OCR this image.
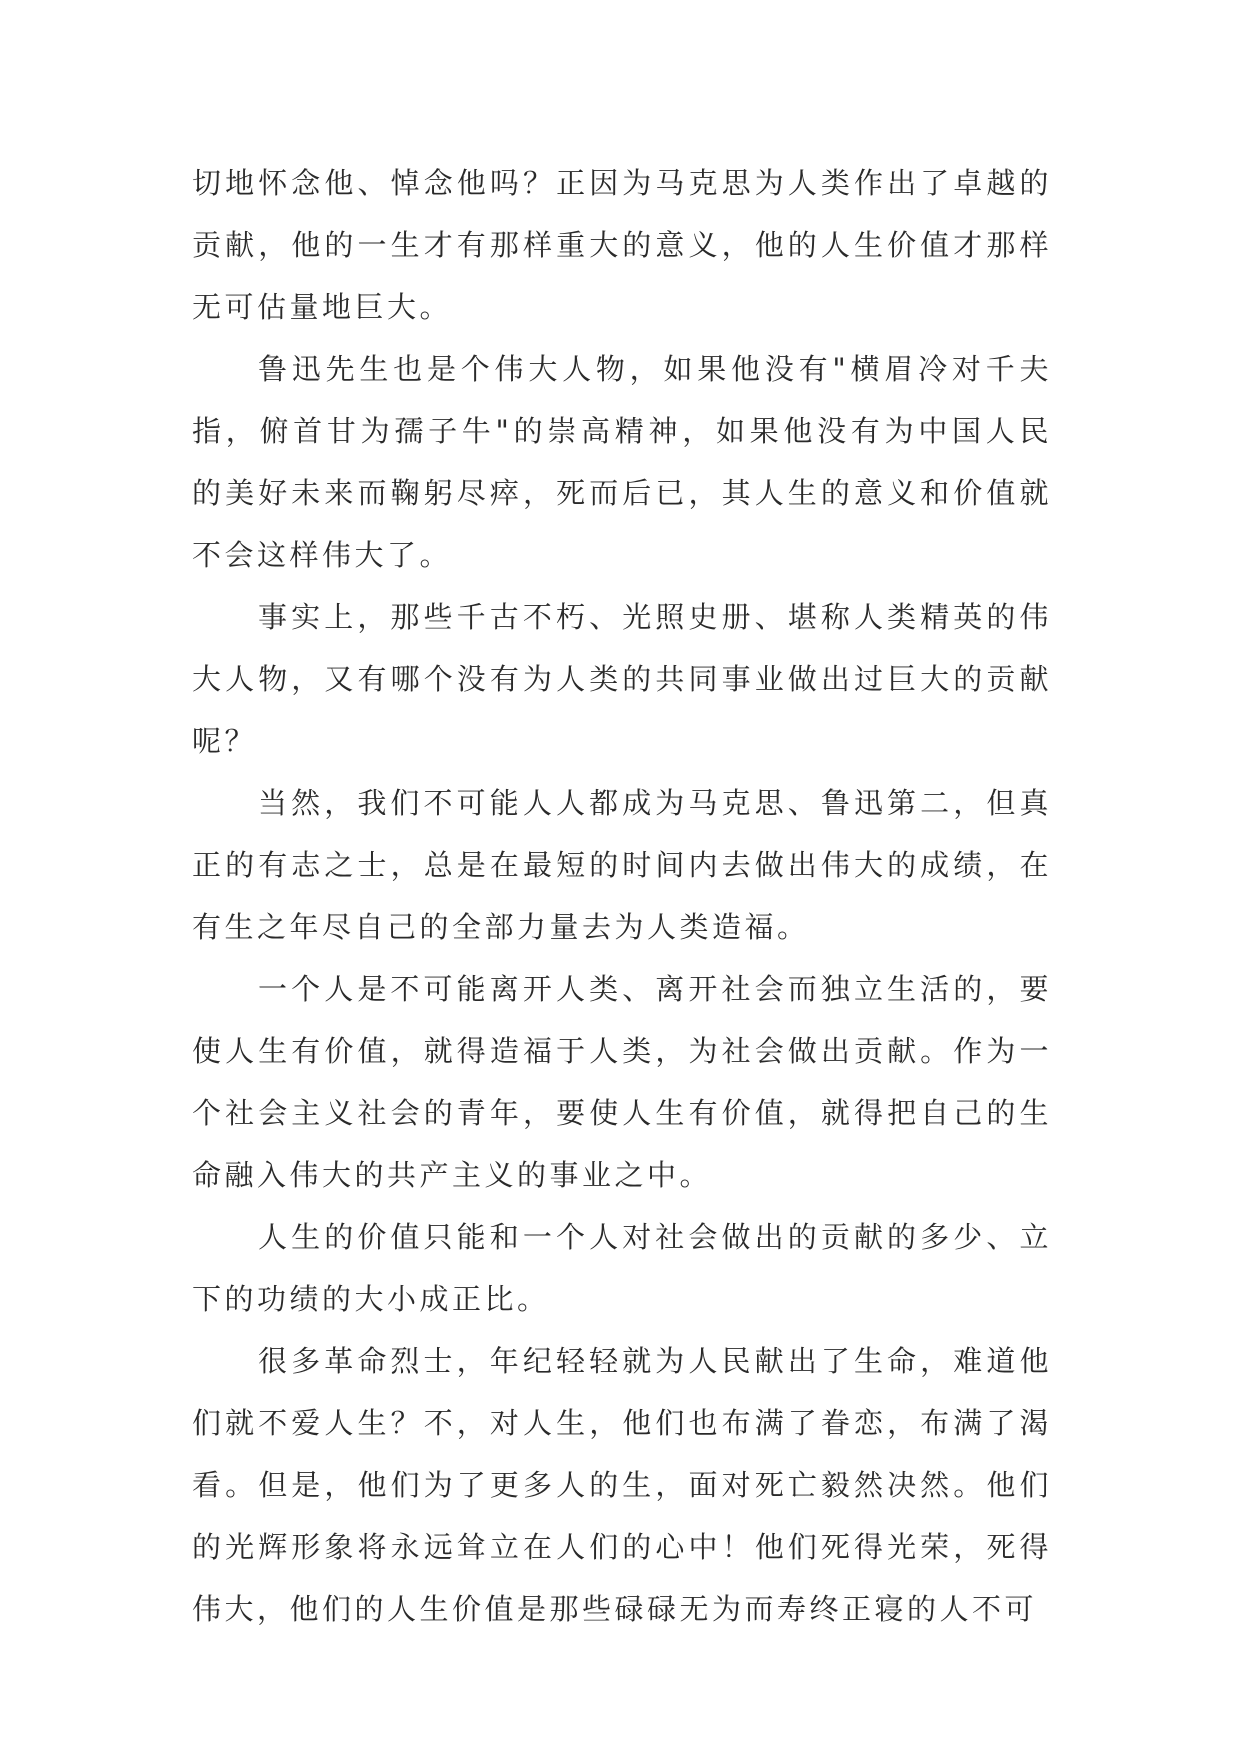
切地怀念他、悼念他吗？正因为马克思为人类作出了卓越的贡献，他的一生才有那样重大的意义，他的人生价值才那样无可估量地巨大。

鲁迅先生也是个伟大人物，如果他没有"横眉冷对千夫指，俯首甘为孺子牛"的崇高精神，如果他没有为中国人民的美好未来而鞠躬尽瘁，死而后已，其人生的意义和价值就不会这样伟大了。

事实上，那些千古不朽、光照史册、堪称人类精英的伟大人物，又有哪个没有为人类的共同事业做出过巨大的贡献呢？

当然，我们不可能人人都成为马克思、鲁迅第二，但真正的有志之士，总是在最短的时间内去做出伟大的成绩，在有生之年尽自己的全部力量去为人类造福。

一个人是不可能离开人类、离开社会而独立生活的，要使人生有价值，就得造福于人类，为社会做出贡献。作为一个社会主义社会的青年，要使人生有价值，就得把自己的生命融入伟大的共产主义的事业之中。

人生的价值只能和一个人对社会做出的贡献的多少、立下的功绩的大小成正比。

很多革命烈士，年纪轻轻就为人民献出了生命，难道他们就不爱人生？不，对人生，他们也布满了眷恋，布满了渴看。但是，他们为了更多人的生，面对死亡毅然决然。他们的光辉形象将永远耸立在人们的心中！他们死得光荣，死得伟大，他们的人生价值是那些碌碌无为而寿终正寝的人不可
